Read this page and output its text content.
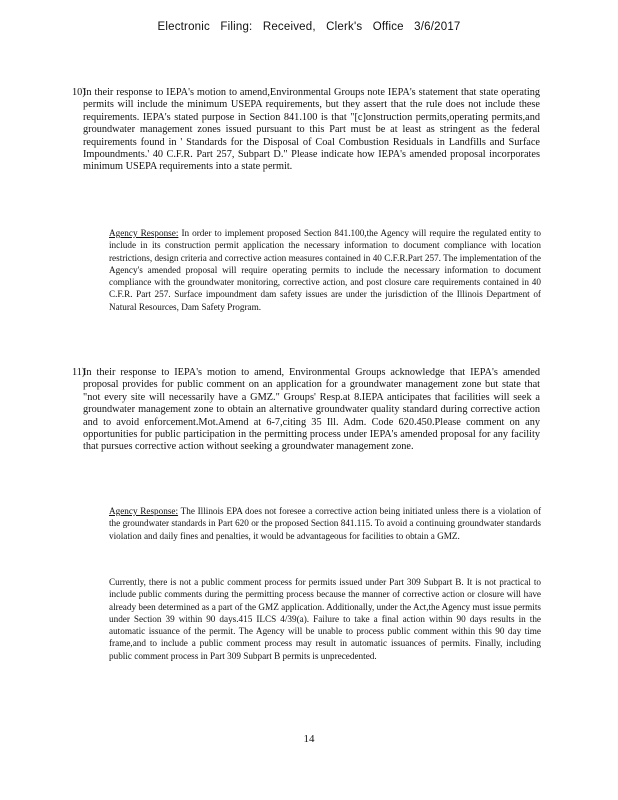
Electronic Filing: Received, Clerk's Office 3/6/2017
10)
In their response to IEPA's motion to amend,Environmental Groups note IEPA's statement that state operating permits will include the minimum USEPA requirements, but they assert that the rule does not include these requirements. IEPA's stated purpose in Section 841.100 is that "[c]onstruction permits,operating permits,and groundwater management zones issued pursuant to this Part must be at least as stringent as the federal requirements found in ' Standards for the Disposal of Coal Combustion Residuals in Landfills and Surface Impoundments.' 40 C.F.R. Part 257, Subpart D." Please indicate how IEPA's amended proposal incorporates minimum USEPA requirements into a state permit.
Agency Response: In order to implement proposed Section 841.100,the Agency will require the regulated entity to include in its construction permit application the necessary information to document compliance with location restrictions, design criteria and corrective action measures contained in 40 C.F.R.Part 257. The implementation of the Agency's amended proposal will require operating permits to include the necessary information to document compliance with the groundwater monitoring, corrective action, and post closure care requirements contained in 40 C.F.R. Part 257. Surface impoundment dam safety issues are under the jurisdiction of the Illinois Department of Natural Resources, Dam Safety Program.
11)
In their response to IEPA's motion to amend, Environmental Groups acknowledge that IEPA's amended proposal provides for public comment on an application for a groundwater management zone but state that "not every site will necessarily have a GMZ." Groups' Resp.at 8.IEPA anticipates that facilities will seek a groundwater management zone to obtain an alternative groundwater quality standard during corrective action and to avoid enforcement.Mot.Amend at 6-7,citing 35 Ill. Adm. Code 620.450.Please comment on any opportunities for public participation in the permitting process under IEPA's amended proposal for any facility that pursues corrective action without seeking a groundwater management zone.
Agency Response: The Illinois EPA does not foresee a corrective action being initiated unless there is a violation of the groundwater standards in Part 620 or the proposed Section 841.115. To avoid a continuing groundwater standards violation and daily fines and penalties, it would be advantageous for facilities to obtain a GMZ.
Currently, there is not a public comment process for permits issued under Part 309 Subpart B. It is not practical to include public comments during the permitting process because the manner of corrective action or closure will have already been determined as a part of the GMZ application. Additionally, under the Act,the Agency must issue permits under Section 39 within 90 days.415 ILCS 4/39(a). Failure to take a final action within 90 days results in the automatic issuance of the permit. The Agency will be unable to process public comment within this 90 day time frame,and to include a public comment process may result in automatic issuances of permits. Finally, including public comment process in Part 309 Subpart B permits is unprecedented.
14
